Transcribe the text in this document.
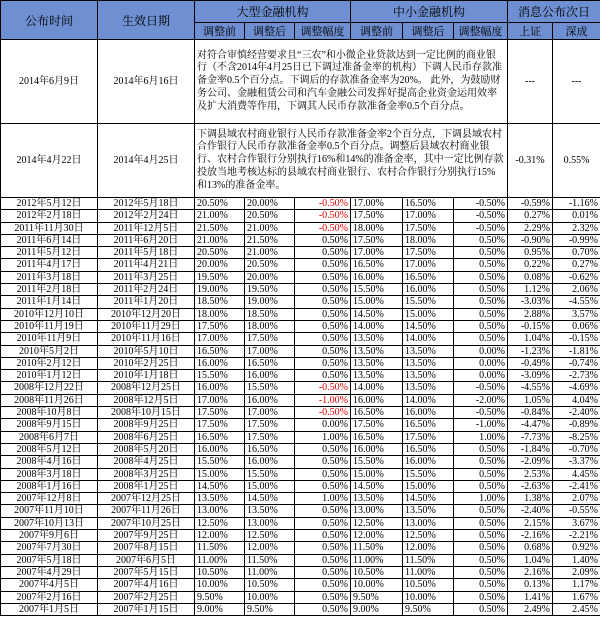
公布时间	生效日期	大型金融机构			中小金融机构			消息公布次日	
		调整前	调整后	调整幅度	调整前	调整后	调整幅度	上证	深成
2014年6月9日	2014年6月16日	对符合审慎经营要求且“三农”和小微企业贷款达到一定比例的商业银行（不含2014年4月25日已下调过准备金率的机构）下调人民币存款准备金率0.5个百分点。下调后的存款准备金率为20%。 此外，为鼓励财务公司、金融租赁公司和汽车金融公司发挥好提高企业资金运用效率及扩大消费等作用，下调其人民币存款准备金率0.5个百分点。						---	---
2014年4月22日	2014年4月25日	下调县域农村商业银行人民币存款准备金率2个百分点，下调县域农村合作银行人民币存款准备金率0.5个百分点。调整后县域农村商业银行、农村合作银行分别执行16%和14%的准备金率，其中一定比例存款投放当地考核达标的县域农村商业银行、农村合作银行分别执行15%和13%的准备金率。						-0.31%	0.55%
2012年5月12日	2012年5月18日	20.50%	20.00%	-0.50%	17.00%	16.50%	-0.50%	-0.59%	-1.16%
2012年2月18日	2012年2月24日	21.00%	20.50%	-0.50%	17.50%	17.00%	-0.50%	0.27%	0.01%
2011年11月30日	2011年12月5日	21.50%	21.00%	-0.50%	18.00%	17.50%	-0.50%	2.29%	2.32%
2011年6月14日	2011年6月20日	21.00%	21.50%	0.50%	17.50%	18.00%	0.50%	-0.90%	-0.99%
2011年5月12日	2011年5月18日	20.50%	21.00%	0.50%	17.00%	17.50%	0.50%	0.95%	0.70%
2011年4月17日	2011年4月21日	20.00%	20.50%	0.50%	16.50%	17.00%	0.50%	0.22%	0.27%
2011年3月18日	2011年3月25日	19.50%	20.00%	0.50%	16.00%	16.50%	0.50%	0.08%	-0.62%
2011年2月18日	2011年2月24日	19.00%	19.50%	0.50%	15.50%	16.00%	0.50%	1.12%	2.06%
2011年1月14日	2011年1月20日	18.50%	19.00%	0.50%	15.00%	15.50%	0.50%	-3.03%	-4.55%
2010年12月10日	2010年12月20日	18.00%	18.50%	0.50%	14.50%	15.00%	0.50%	2.88%	3.57%
2010年11月19日	2010年11月29日	17.50%	18.00%	0.50%	14.00%	14.50%	0.50%	-0.15%	0.06%
2010年11月9日	2010年11月16日	17.00%	17.50%	0.50%	13.50%	14.00%	0.50%	1.04%	-0.15%
2010年5月2日	2010年5月10日	16.50%	17.00%	0.50%	13.50%	13.50%	0.00%	-1.23%	-1.81%
2010年2月12日	2010年2月25日	16.00%	16.50%	0.50%	13.50%	13.50%	0.00%	-0.49%	-0.74%
2010年1月12日	2010年1月18日	15.50%	16.00%	0.50%	13.50%	13.50%	0.00%	-3.09%	-2.73%
2008年12月22日	2008年12月25日	16.00%	15.50%	-0.50%	14.00%	13.50%	-0.50%	-4.55%	-4.69%
2008年11月26日	2008年12月5日	17.00%	16.00%	-1.00%	16.00%	14.00%	-2.00%	1.05%	4.04%
2008年10月8日	2008年10月15日	17.50%	17.00%	-0.50%	16.50%	16.00%	-0.50%	-0.84%	-2.40%
2008年9月15日	2008年9月25日	17.50%	17.50%	0.00%	17.50%	16.50%	-1.00%	-4.47%	-0.89%
2008年6月7日	2008年6月25日	16.50%	17.50%	1.00%	16.50%	17.50%	1.00%	-7.73%	-8.25%
2008年5月12日	2008年5月20日	16.00%	16.50%	0.50%	16.00%	16.50%	0.50%	-1.84%	-0.70%
2008年4月16日	2008年4月25日	15.50%	16.00%	0.50%	15.50%	16.00%	0.50%	-2.09%	-3.37%
2008年3月18日	2008年3月25日	15.00%	15.50%	0.50%	15.00%	15.50%	0.50%	2.53%	4.45%
2008年1月16日	2008年1月25日	14.50%	15.00%	0.50%	14.50%	15.00%	0.50%	-2.63%	-2.41%
2007年12月8日	2007年12月25日	13.50%	14.50%	1.00%	13.50%	14.50%	1.00%	1.38%	2.07%
2007年11月10日	2007年11月26日	13.00%	13.50%	0.50%	13.00%	13.50%	0.50%	-2.40%	-0.55%
2007年10月13日	2007年10月25日	12.50%	13.00%	0.50%	12.50%	13.00%	0.50%	2.15%	3.67%
2007年9月6日	2007年9月25日	12.00%	12.50%	0.50%	12.00%	12.50%	0.50%	-2.16%	-2.21%
2007年7月30日	2007年8月15日	11.50%	12.00%	0.50%	11.50%	12.00%	0.50%	0.68%	0.92%
2007年5月18日	2007年6月5日	11.00%	11.50%	0.50%	11.00%	11.50%	0.50%	1.04%	1.40%
2007年4月29日	2007年5月15日	10.50%	11.00%	0.50%	10.50%	11.00%	0.50%	2.16%	2.09%
2007年4月5日	2007年4月16日	10.00%	10.50%	0.50%	10.00%	10.50%	0.50%	0.13%	1.17%
2007年2月16日	2007年2月25日	9.50%	10.00%	0.50%	9.50%	10.00%	0.50%	1.41%	1.67%
2007年1月5日	2007年1月15日	9.00%	9.50%	0.50%	9.00%	9.50%	0.50%	2.49%	2.45%
